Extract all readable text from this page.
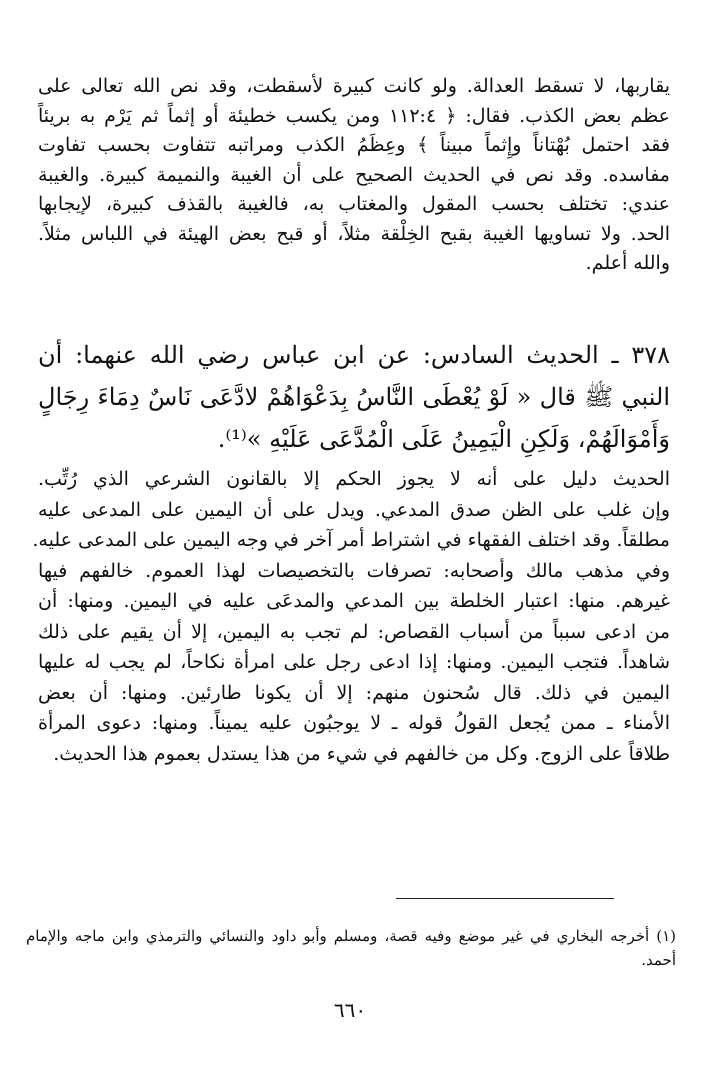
يقاربها، لا تسقط العدالة. ولو كانت كبيرة لأسقطت، وقد نص الله تعالى على
عظم بعض الكذب. فقال: ﴿ ١١٢:٤ ومن يكسب خطيئة أو إثماً ثم يَرْم به بريئاً
فقد احتمل بُهْتاناً وإِثماً مبيناً ﴾ وعِظَمُ الكذب ومراتبه تتفاوت بحسب تفاوت
مفاسده. وقد نص في الحديث الصحيح على أن الغيبة والنميمة كبيرة. والغيبة
عندي: تختلف بحسب المقول والمغتاب به، فالغيبة بالقذف كبيرة، لإيجابها
الحد. ولا تساويها الغيبة بقبح الخِلْقة مثلاً، أو قبح بعض الهيئة في اللباس مثلاً.
والله أعلم.
٣٧٨ ـ الحديث السادس: عن ابن عباس رضي الله عنهما: أن
النبي ﷺ قال « لَوْ يُعْطَى النَّاسُ بِدَعْوَاهُمْ لادَّعَى نَاسٌ دِمَاءَ رِجَالٍ
وَأَمْوَالَهُمْ، وَلَكِنِ الْيَمِينُ عَلَى الْمُدَّعَى عَلَيْهِ »⁽¹⁾.
الحديث دليل على أنه لا يجوز الحكم إلا بالقانون الشرعي الذي رُتِّب.
وإن غلب على الظن صدق المدعي. ويدل على أن اليمين على المدعى عليه
مطلقاً. وقد اختلف الفقهاء في اشتراط أمر آخر في وجه اليمين على المدعى عليه.
وفي مذهب مالك وأصحابه: تصرفات بالتخصيصات لهذا العموم. خالفهم فيها
غيرهم. منها: اعتبار الخلطة بين المدعي والمدعَى عليه في اليمين. ومنها: أن
من ادعى سبباً من أسباب القصاص: لم تجب به اليمين، إلا أن يقيم على ذلك
شاهداً. فتجب اليمين. ومنها: إذا ادعى رجل على امرأة نكاحاً، لم يجب له عليها
اليمين في ذلك. قال سُحنون منهم: إلا أن يكونا طارئين. ومنها: أن بعض
الأمناء ـ ممن يُجعل القولُ قوله ـ لا يوجبُون عليه يميناً. ومنها: دعوى المرأة
طلاقاً على الزوج. وكل من خالفهم في شيء من هذا يستدل بعموم هذا الحديث.
(١) أخرجه البخاري في غير موضع وفيه قصة، ومسلم وأبو داود والنسائي والترمذي وابن ماجه والإمام
أحمد.
٦٦٠
